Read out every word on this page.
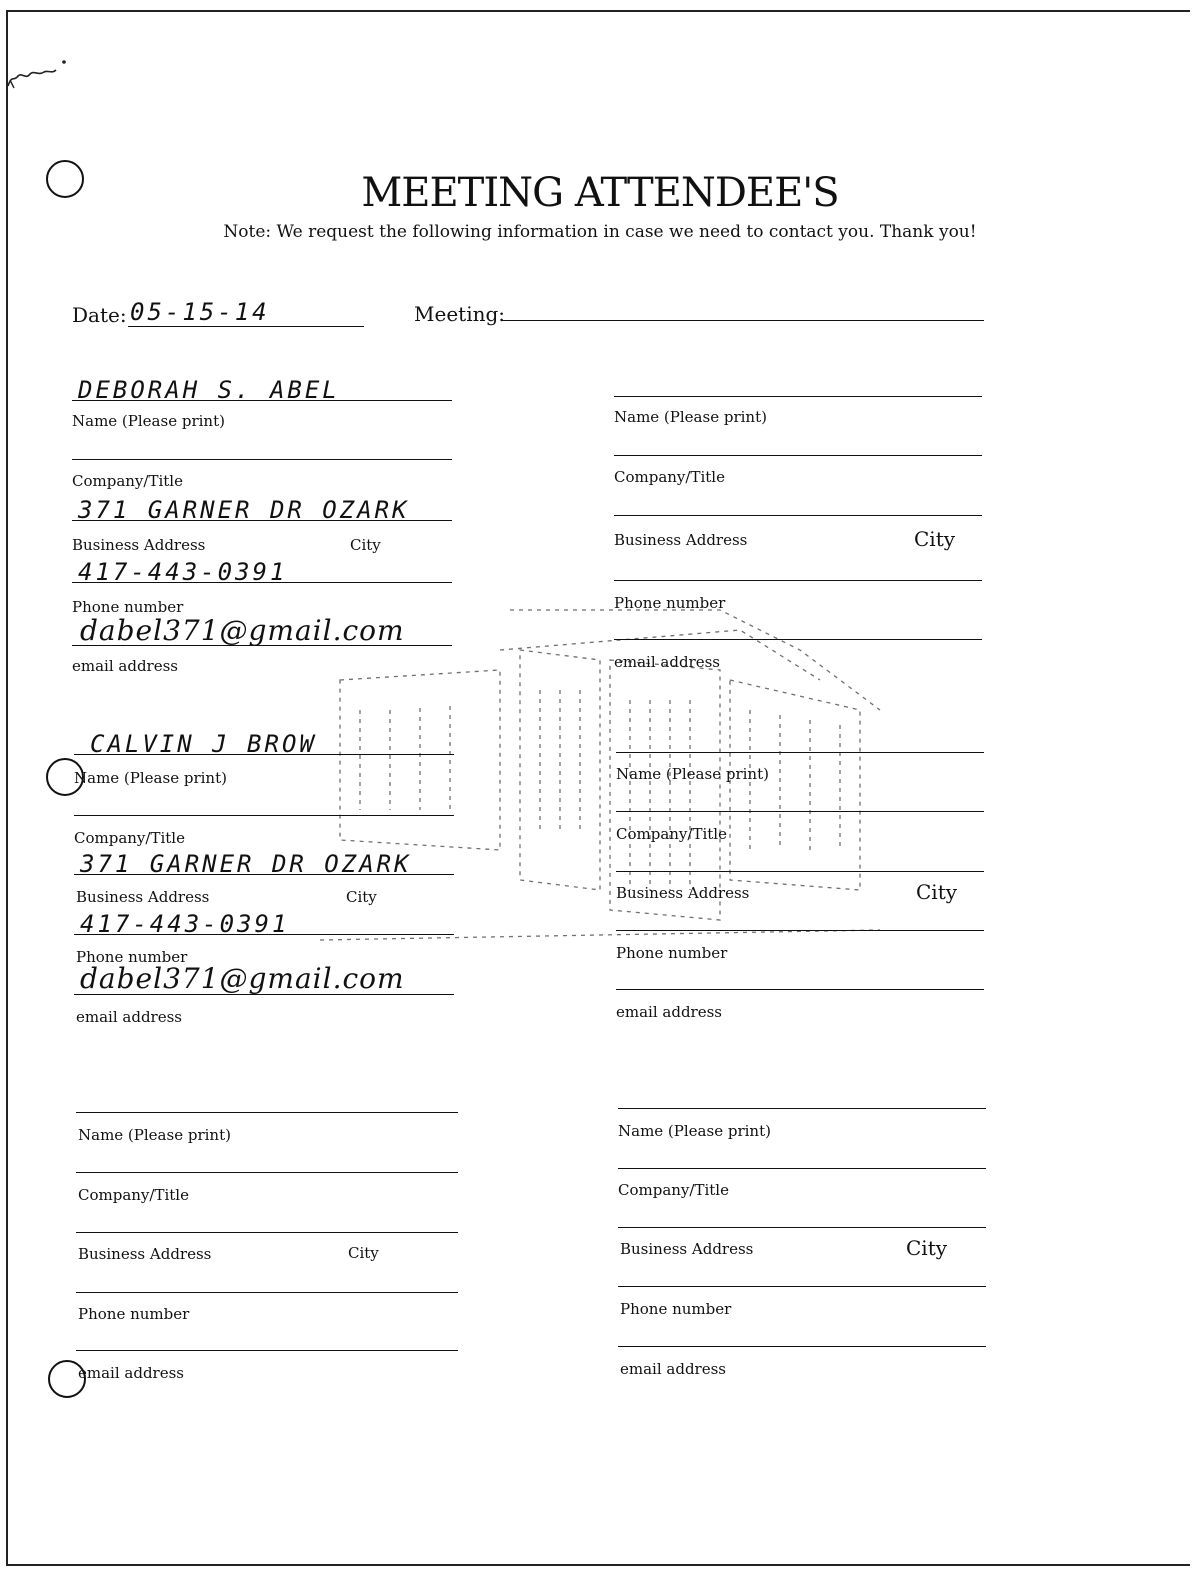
MEETING ATTENDEE'S
Note: We request the following information in case we need to contact you. Thank you!
Date: 05-15-14	Meeting:
DEBORAH S. ABEL
Name (Please print)
Company/Title
371 GARNER DR OZARK
Business Address	City
417-443-0391
Phone number
dabel371@gmail.com
email address
Name (Please print)
Company/Title
Business Address	City
Phone number
email address
CALVIN J BROW
Name (Please print)
Company/Title
371 GARNER DR OZARK
Business Address	City
417-443-0391
Phone number
dabel371@gmail.com
email address
Name (Please print)
Company/Title
Business Address	City
Phone number
email address
Name (Please print)
Company/Title
Business Address	City
Phone number
email address
Name (Please print)
Company/Title
Business Address	City
Phone number
email address
